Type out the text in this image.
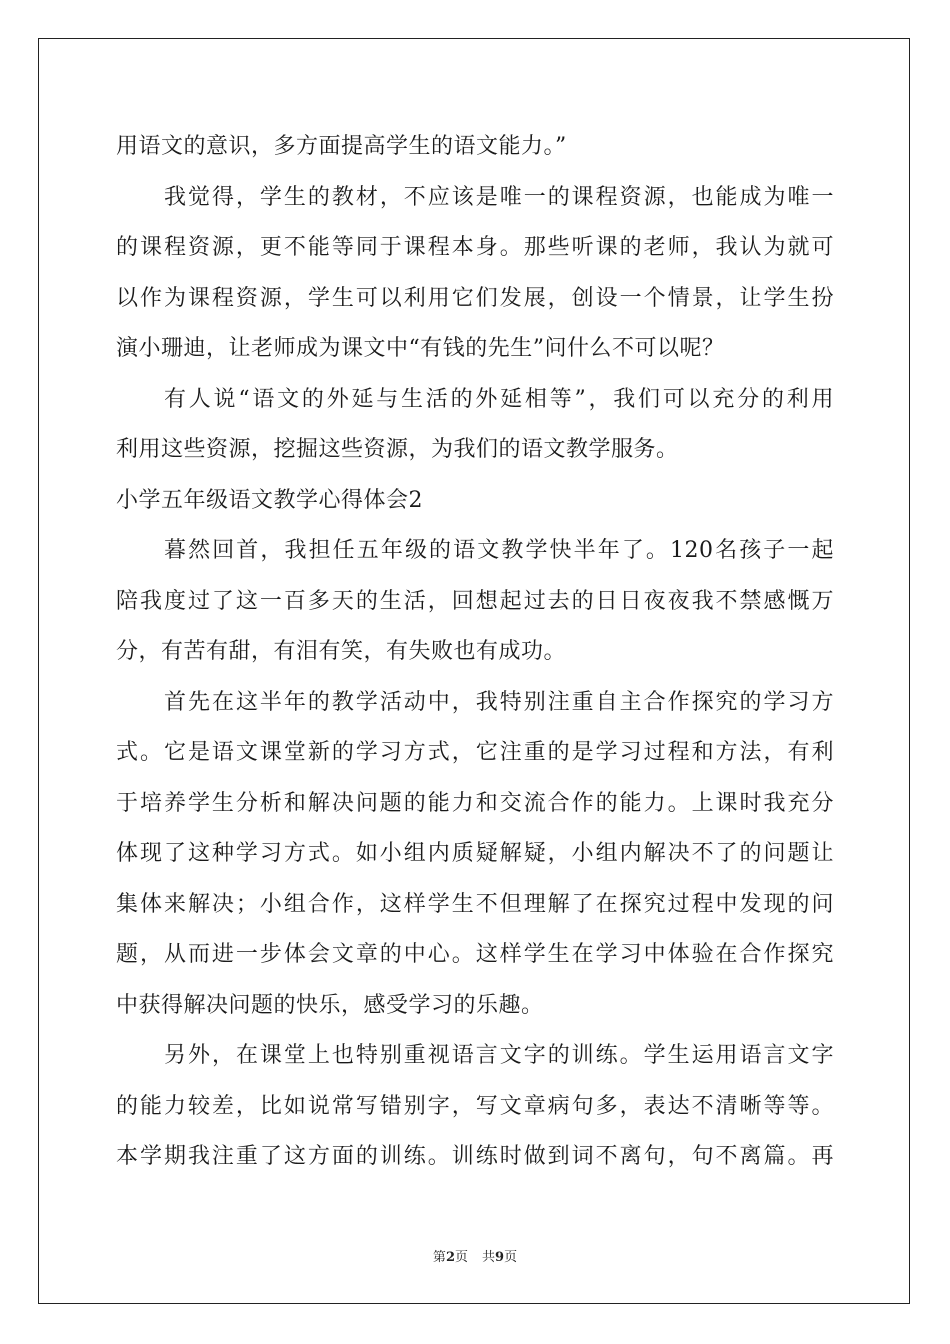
用语文的意识，多方面提高学生的语文能力。”
我觉得，学生的教材，不应该是唯一的课程资源，也能成为唯一
的课程资源，更不能等同于课程本身。那些听课的老师，我认为就可
以作为课程资源，学生可以利用它们发展，创设一个情景，让学生扮
演小珊迪，让老师成为课文中“有钱的先生”问什么不可以呢？
有人说“语文的外延与生活的外延相等”，我们可以充分的利用
利用这些资源，挖掘这些资源，为我们的语文教学服务。
小学五年级语文教学心得体会2
暮然回首，我担任五年级的语文教学快半年了。120名孩子一起
陪我度过了这一百多天的生活，回想起过去的日日夜夜我不禁感慨万
分，有苦有甜，有泪有笑，有失败也有成功。
首先在这半年的教学活动中，我特别注重自主合作探究的学习方
式。它是语文课堂新的学习方式，它注重的是学习过程和方法，有利
于培养学生分析和解决问题的能力和交流合作的能力。上课时我充分
体现了这种学习方式。如小组内质疑解疑，小组内解决不了的问题让
集体来解决；小组合作，这样学生不但理解了在探究过程中发现的问
题，从而进一步体会文章的中心。这样学生在学习中体验在合作探究
中获得解决问题的快乐，感受学习的乐趣。
另外，在课堂上也特别重视语言文字的训练。学生运用语言文字
的能力较差，比如说常写错别字，写文章病句多，表达不清晰等等。
本学期我注重了这方面的训练。训练时做到词不离句，句不离篇。再
第2页 共9页
